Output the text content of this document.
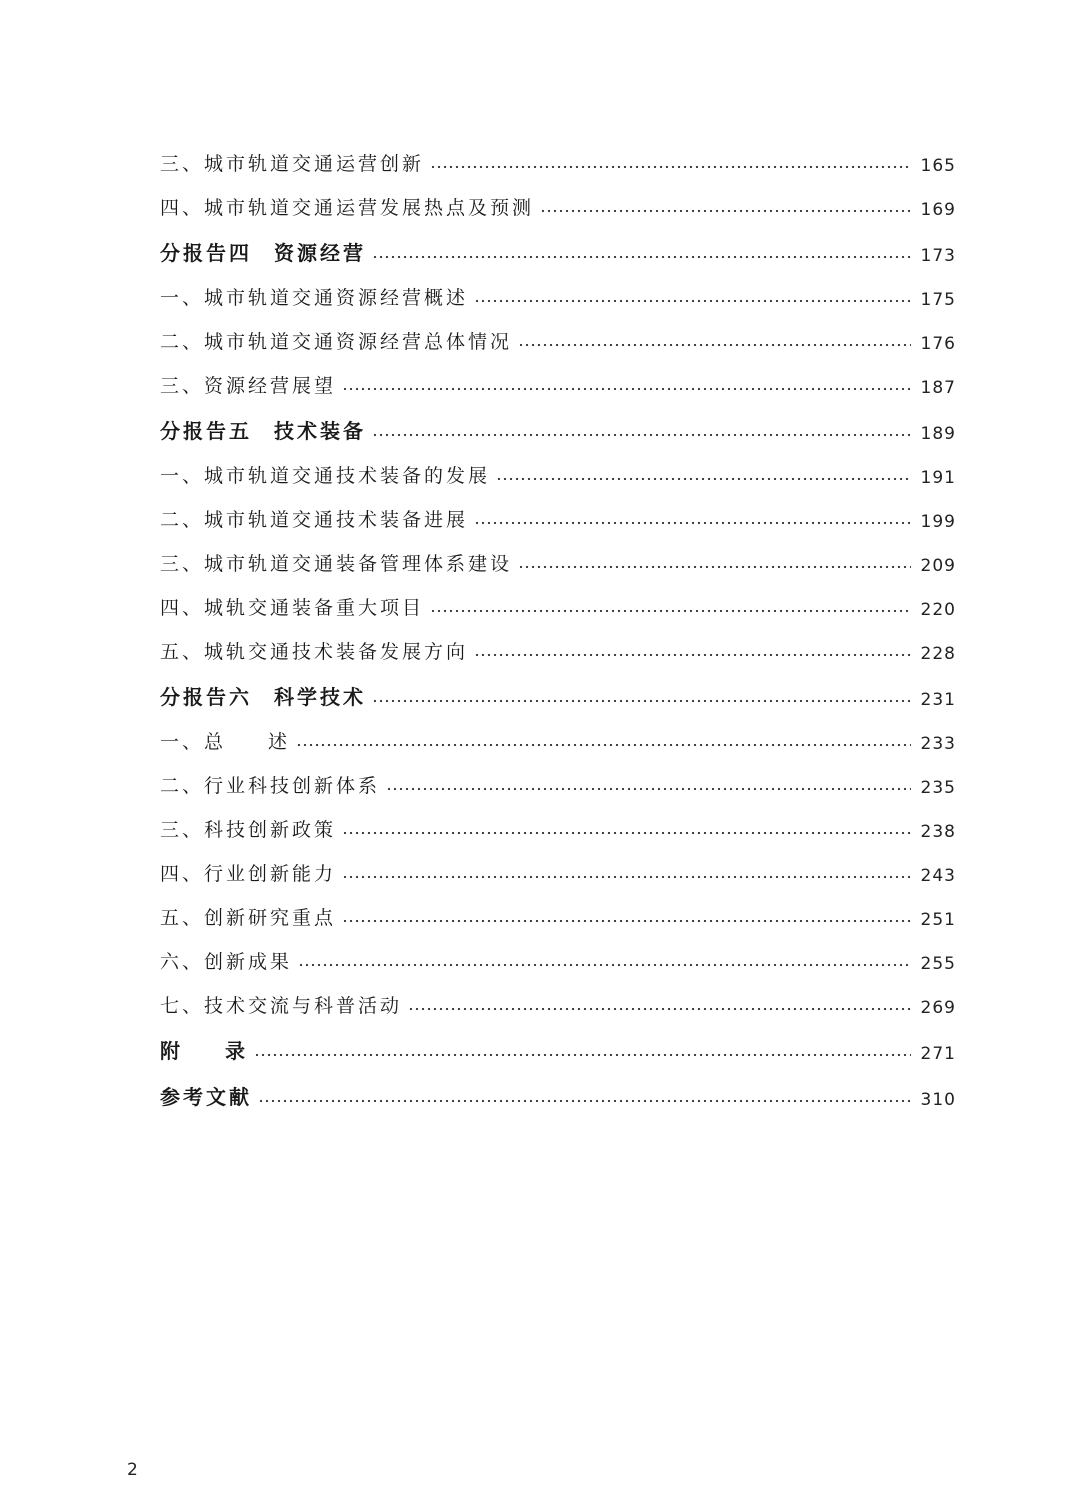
三、城市轨道交通运营创新	165
四、城市轨道交通运营发展热点及预测	169
分报告四 资源经营	173
一、城市轨道交通资源经营概述	175
二、城市轨道交通资源经营总体情况	176
三、资源经营展望	187
分报告五 技术装备	189
一、城市轨道交通技术装备的发展	191
二、城市轨道交通技术装备进展	199
三、城市轨道交通装备管理体系建设	209
四、城轨交通装备重大项目	220
五、城轨交通技术装备发展方向	228
分报告六 科学技术	231
一、总 述	233
二、行业科技创新体系	235
三、科技创新政策	238
四、行业创新能力	243
五、创新研究重点	251
六、创新成果	255
七、技术交流与科普活动	269
附 录	271
参考文献	310
2
